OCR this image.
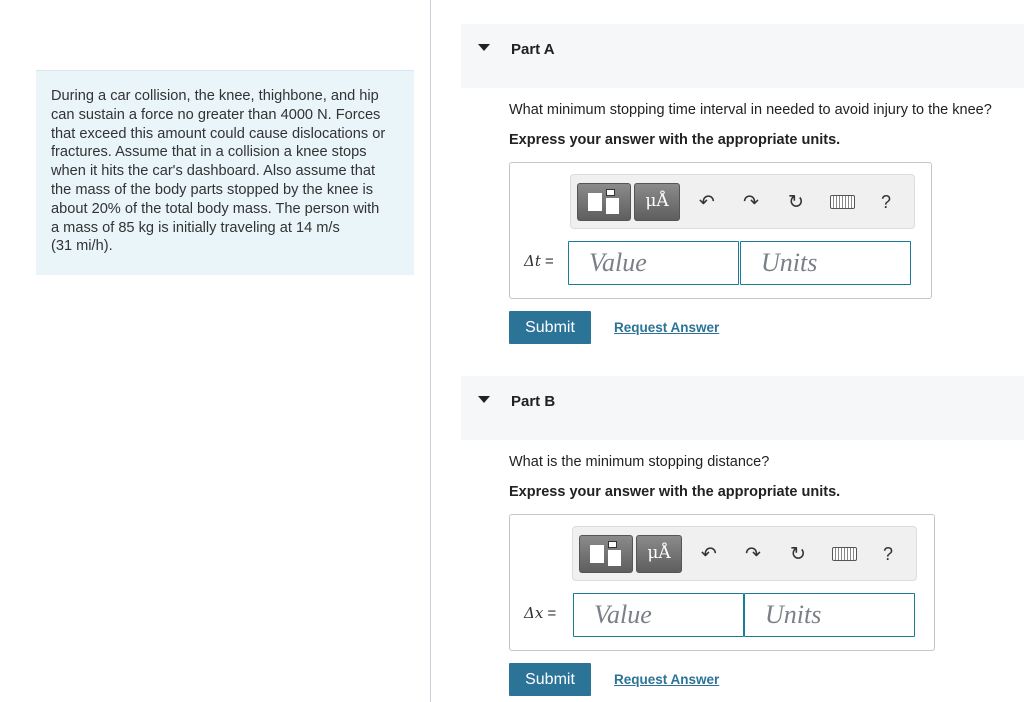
During a car collision, the knee, thighbone, and hip
can sustain a force no greater than 4000 N. Forces
that exceed this amount could cause dislocations or
fractures. Assume that in a collision a knee stops
when it hits the car's dashboard. Also assume that
the mass of the body parts stopped by the knee is
about 20% of the total body mass. The person with
a mass of 85 kg is initially traveling at 14 m/s
(31 mi/h).
Part A
What minimum stopping time interval in needed to avoid injury to the knee?
Express your answer with the appropriate units.
μÅ	↶ ↷ ↻	?
Δt =	Value	Units
Submit	Request Answer
Part B
What is the minimum stopping distance?
Express your answer with the appropriate units.
μÅ	↶ ↷ ↻	?
Δx =	Value	Units
Submit	Request Answer
